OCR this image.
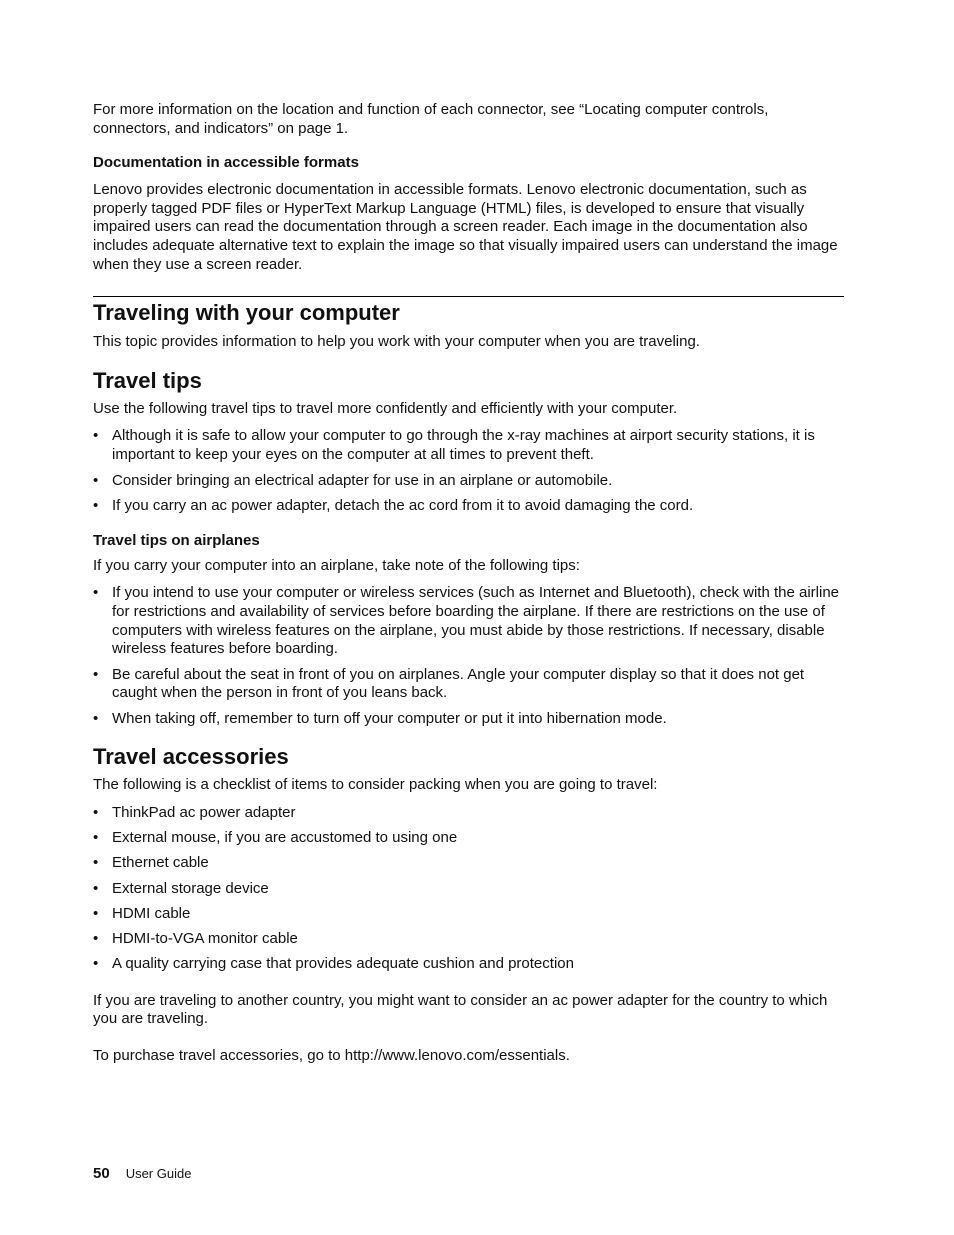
For more information on the location and function of each connector, see “Locating computer controls, connectors, and indicators” on page 1.

Documentation in accessible formats

Lenovo provides electronic documentation in accessible formats. Lenovo electronic documentation, such as properly tagged PDF files or HyperText Markup Language (HTML) files, is developed to ensure that visually impaired users can read the documentation through a screen reader. Each image in the documentation also includes adequate alternative text to explain the image so that visually impaired users can understand the image when they use a screen reader.

Traveling with your computer

This topic provides information to help you work with your computer when you are traveling.

Travel tips

Use the following travel tips to travel more confidently and efficiently with your computer.

• Although it is safe to allow your computer to go through the x-ray machines at airport security stations, it is important to keep your eyes on the computer at all times to prevent theft.
• Consider bringing an electrical adapter for use in an airplane or automobile.
• If you carry an ac power adapter, detach the ac cord from it to avoid damaging the cord.
Travel tips on airplanes

If you carry your computer into an airplane, take note of the following tips:

• If you intend to use your computer or wireless services (such as Internet and Bluetooth), check with the airline for restrictions and availability of services before boarding the airplane. If there are restrictions on the use of computers with wireless features on the airplane, you must abide by those restrictions. If necessary, disable wireless features before boarding.
• Be careful about the seat in front of you on airplanes. Angle your computer display so that it does not get caught when the person in front of you leans back.
• When taking off, remember to turn off your computer or put it into hibernation mode.
Travel accessories

The following is a checklist of items to consider packing when you are going to travel:

• ThinkPad ac power adapter
• External mouse, if you are accustomed to using one
• Ethernet cable
• External storage device
• HDMI cable
• HDMI-to-VGA monitor cable
• A quality carrying case that provides adequate cushion and protection

If you are traveling to another country, you might want to consider an ac power adapter for the country to which you are traveling.

To purchase travel accessories, go to http://www.lenovo.com/essentials.

50 User Guide
